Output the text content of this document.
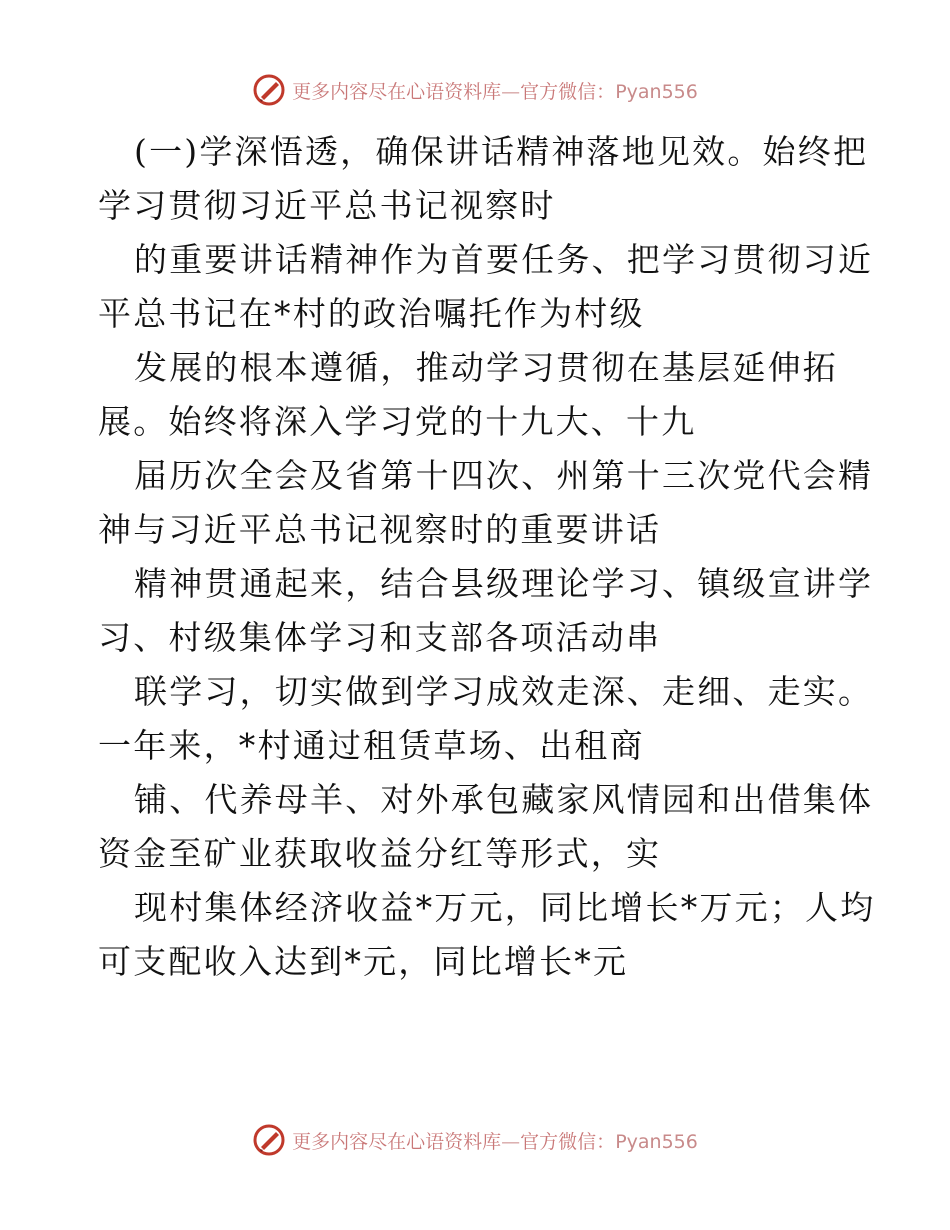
更多内容尽在心语资料库—官方微信：Pyan556
(一)学深悟透，确保讲话精神落地见效。始终把
学习贯彻习近平总书记视察时
的重要讲话精神作为首要任务、把学习贯彻习近
平总书记在*村的政治嘱托作为村级
发展的根本遵循，推动学习贯彻在基层延伸拓
展。始终将深入学习党的十九大、十九
届历次全会及省第十四次、州第十三次党代会精
神与习近平总书记视察时的重要讲话
精神贯通起来，结合县级理论学习、镇级宣讲学
习、村级集体学习和支部各项活动串
联学习，切实做到学习成效走深、走细、走实。
一年来，*村通过租赁草场、出租商
铺、代养母羊、对外承包藏家风情园和出借集体
资金至矿业获取收益分红等形式，实
现村集体经济收益*万元，同比增长*万元；人均
可支配收入达到*元，同比增长*元
更多内容尽在心语资料库—官方微信：Pyan556
